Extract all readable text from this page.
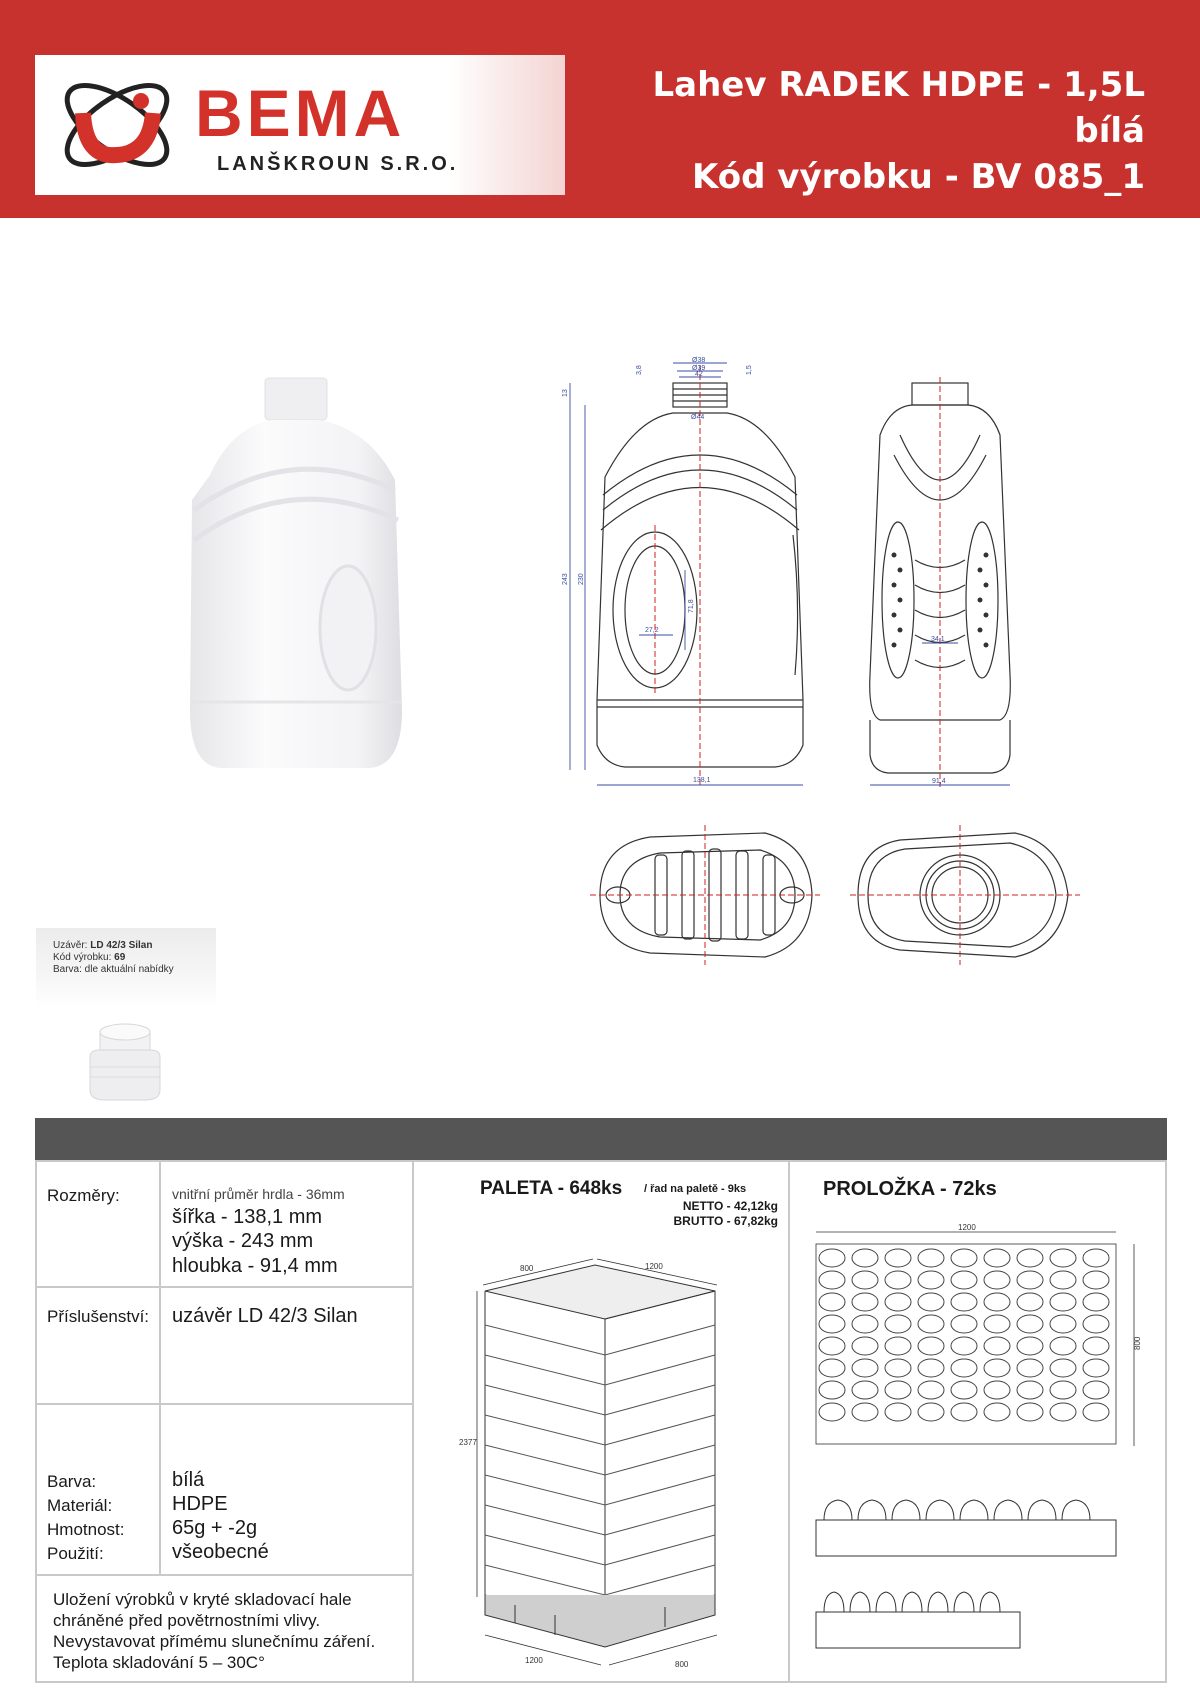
BEMA
LANŠKROUN S.R.O.
Lahev RADEK HDPE - 1,5L
bílá
Kód výrobku - BV 085_1
Ø38
Ø39
42
Ø44
3,8	1,5
13
243 230
27,2
71,8
138,1
34,1
91,4
Uzávěr: LD 42/3 Silan
Kód výrobku: 69
Barva: dle aktuální nabídky
Rozměry:	vnitřní průměr hrdla - 36mm
šířka - 138,1 mm
výška - 243 mm
hloubka - 91,4 mm
Příslušenství: uzávěr LD 42/3 Silan
Barva:	bílá
Materiál:	HDPE
Hmotnost: 65g + -2g
Použití:	všeobecné
Uložení výrobků v kryté skladovací hale
chráněné před povětrnostními vlivy.
Nevystavovat přímému slunečnímu záření.
Teplota skladování 5 – 30C°
PALETA - 648ks / řad na paletě - 9ks
NETTO - 42,12kg
BRUTTO - 67,82kg
800	1200
2377
1200	800
PROLOŽKA - 72ks
1200
800
